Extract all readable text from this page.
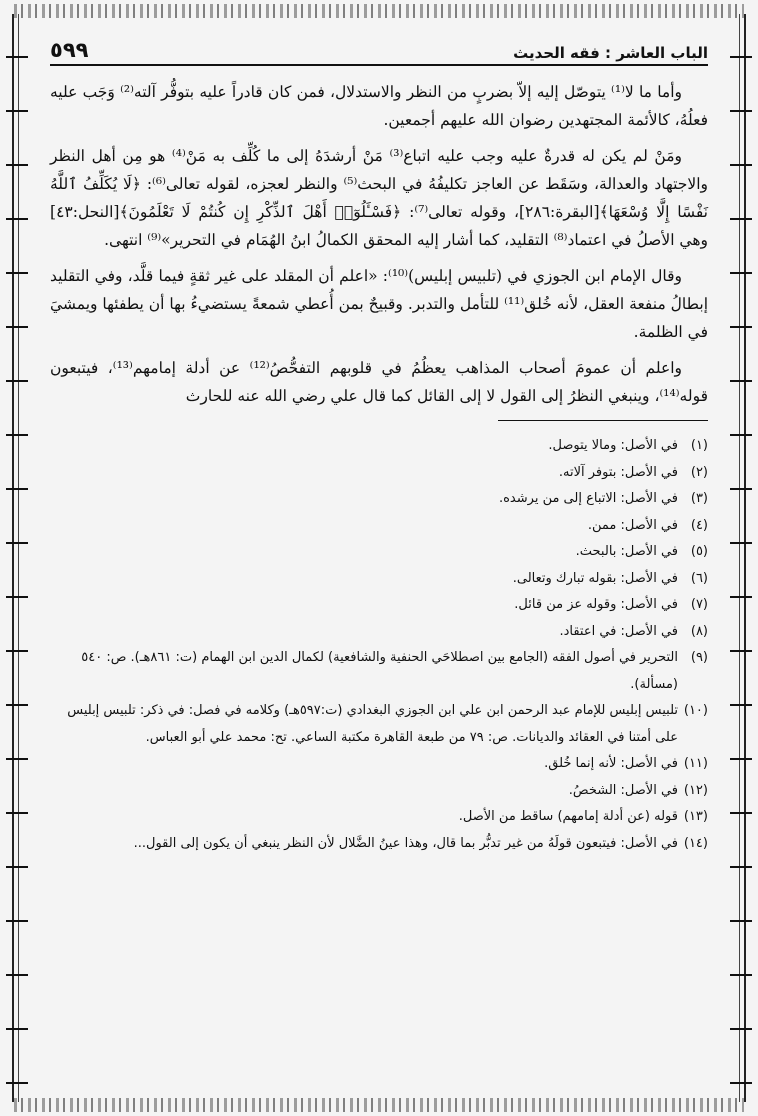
الباب العاشر : فقه الحديث
٥٩٩

وأما ما لا⁽¹⁾ يتوصّل إليه إلاّ بضربٍ من النظر والاستدلال، فمن كان قادراً عليه بتوفُّر آلته⁽²⁾ وَجَب عليه فعلُهُ، كالأئمة المجتهدين رضوان الله عليهم أجمعين.

ومَنْ لم يكن له قدرةٌ عليه وجب عليه اتباع⁽³⁾ مَنْ أرشدَهُ إلى ما كُلِّف به مَنْ⁽⁴⁾ هو مِن أهل النظر والاجتهاد والعدالة، وسَقَط عن العاجز تكليفُهُ في البحث⁽⁵⁾ والنظر لعجزه، لقوله تعالى⁽⁶⁾: ﴿لَا يُكَلِّفُ ٱللَّهُ نَفْسًا إِلَّا وُسْعَهَا﴾[البقرة:٢٨٦]، وقوله تعالى⁽⁷⁾: ﴿فَسْـَٔلُوٓا۟ أَهْلَ ٱلذِّكْرِ إِن كُنتُمْ لَا تَعْلَمُونَ﴾[النحل:٤٣] وهي الأصلُ في اعتماد⁽⁸⁾ التقليد، كما أشار إليه المحقق الكمالُ ابنُ الهُمَام في التحرير»⁽⁹⁾ انتهى.

وقال الإمام ابن الجوزي في (تلبيس إبليس)⁽¹⁰⁾: «اعلم أن المقلد على غير ثقةٍ فيما قلَّد، وفي التقليد إبطالُ منفعة العقل، لأنه خُلق⁽¹¹⁾ للتأمل والتدبر. وقبيحٌ بمن أُعطي شمعةً يستضيءُ بها أن يطفئها ويمشيَ في الظلمة.

واعلم أن عمومَ أصحاب المذاهب يعظُمُ في قلوبهم التفحُّصُ⁽¹²⁾ عن أدلة إمامهم⁽¹³⁾، فيتبعون قوله⁽¹⁴⁾، وينبغي النظرُ إلى القول لا إلى القائل كما قال علي رضي الله عنه للحارث

(١)
في الأصل: ومالا يتوصل.
(٢)
في الأصل: بتوفر آلاته.
(٣)
في الأصل: الاتباع إلى من يرشده.
(٤)
في الأصل: ممن.
(٥)
في الأصل: بالبحث.
(٦)
في الأصل: بقوله تبارك وتعالى.
(٧)
في الأصل: وقوله عز من قائل.
(٨)
في الأصل: في اعتقاد.
(٩)
التحرير في أصول الفقه (الجامع بين اصطلاحَي الحنفية والشافعية) لكمال الدين ابن الهمام (ت: ٨٦١هـ). ص: ٥٤٠ (مسألة).
(١٠)
تلبيس إبليس للإمام عبد الرحمن ابن علي ابن الجوزي البغدادي (ت:٥٩٧هـ) وكلامه في فصل: في ذكر: تلبيس إبليس على أمتنا في العقائد والديانات. ص: ٧٩ من طبعة القاهرة مكتبة الساعي. تح: محمد علي أبو العباس.
(١١)
في الأصل: لأنه إنما خُلق.
(١٢)
في الأصل: الشخصُ.
(١٣)
قوله (عن أدلة إمامهم) ساقط من الأصل.
(١٤)
في الأصل: فيتبعون قولَهُ من غير تدبُّر بما قال، وهذا عينُ الضَّلال لأن النظر ينبغي أن يكون إلى القول...
